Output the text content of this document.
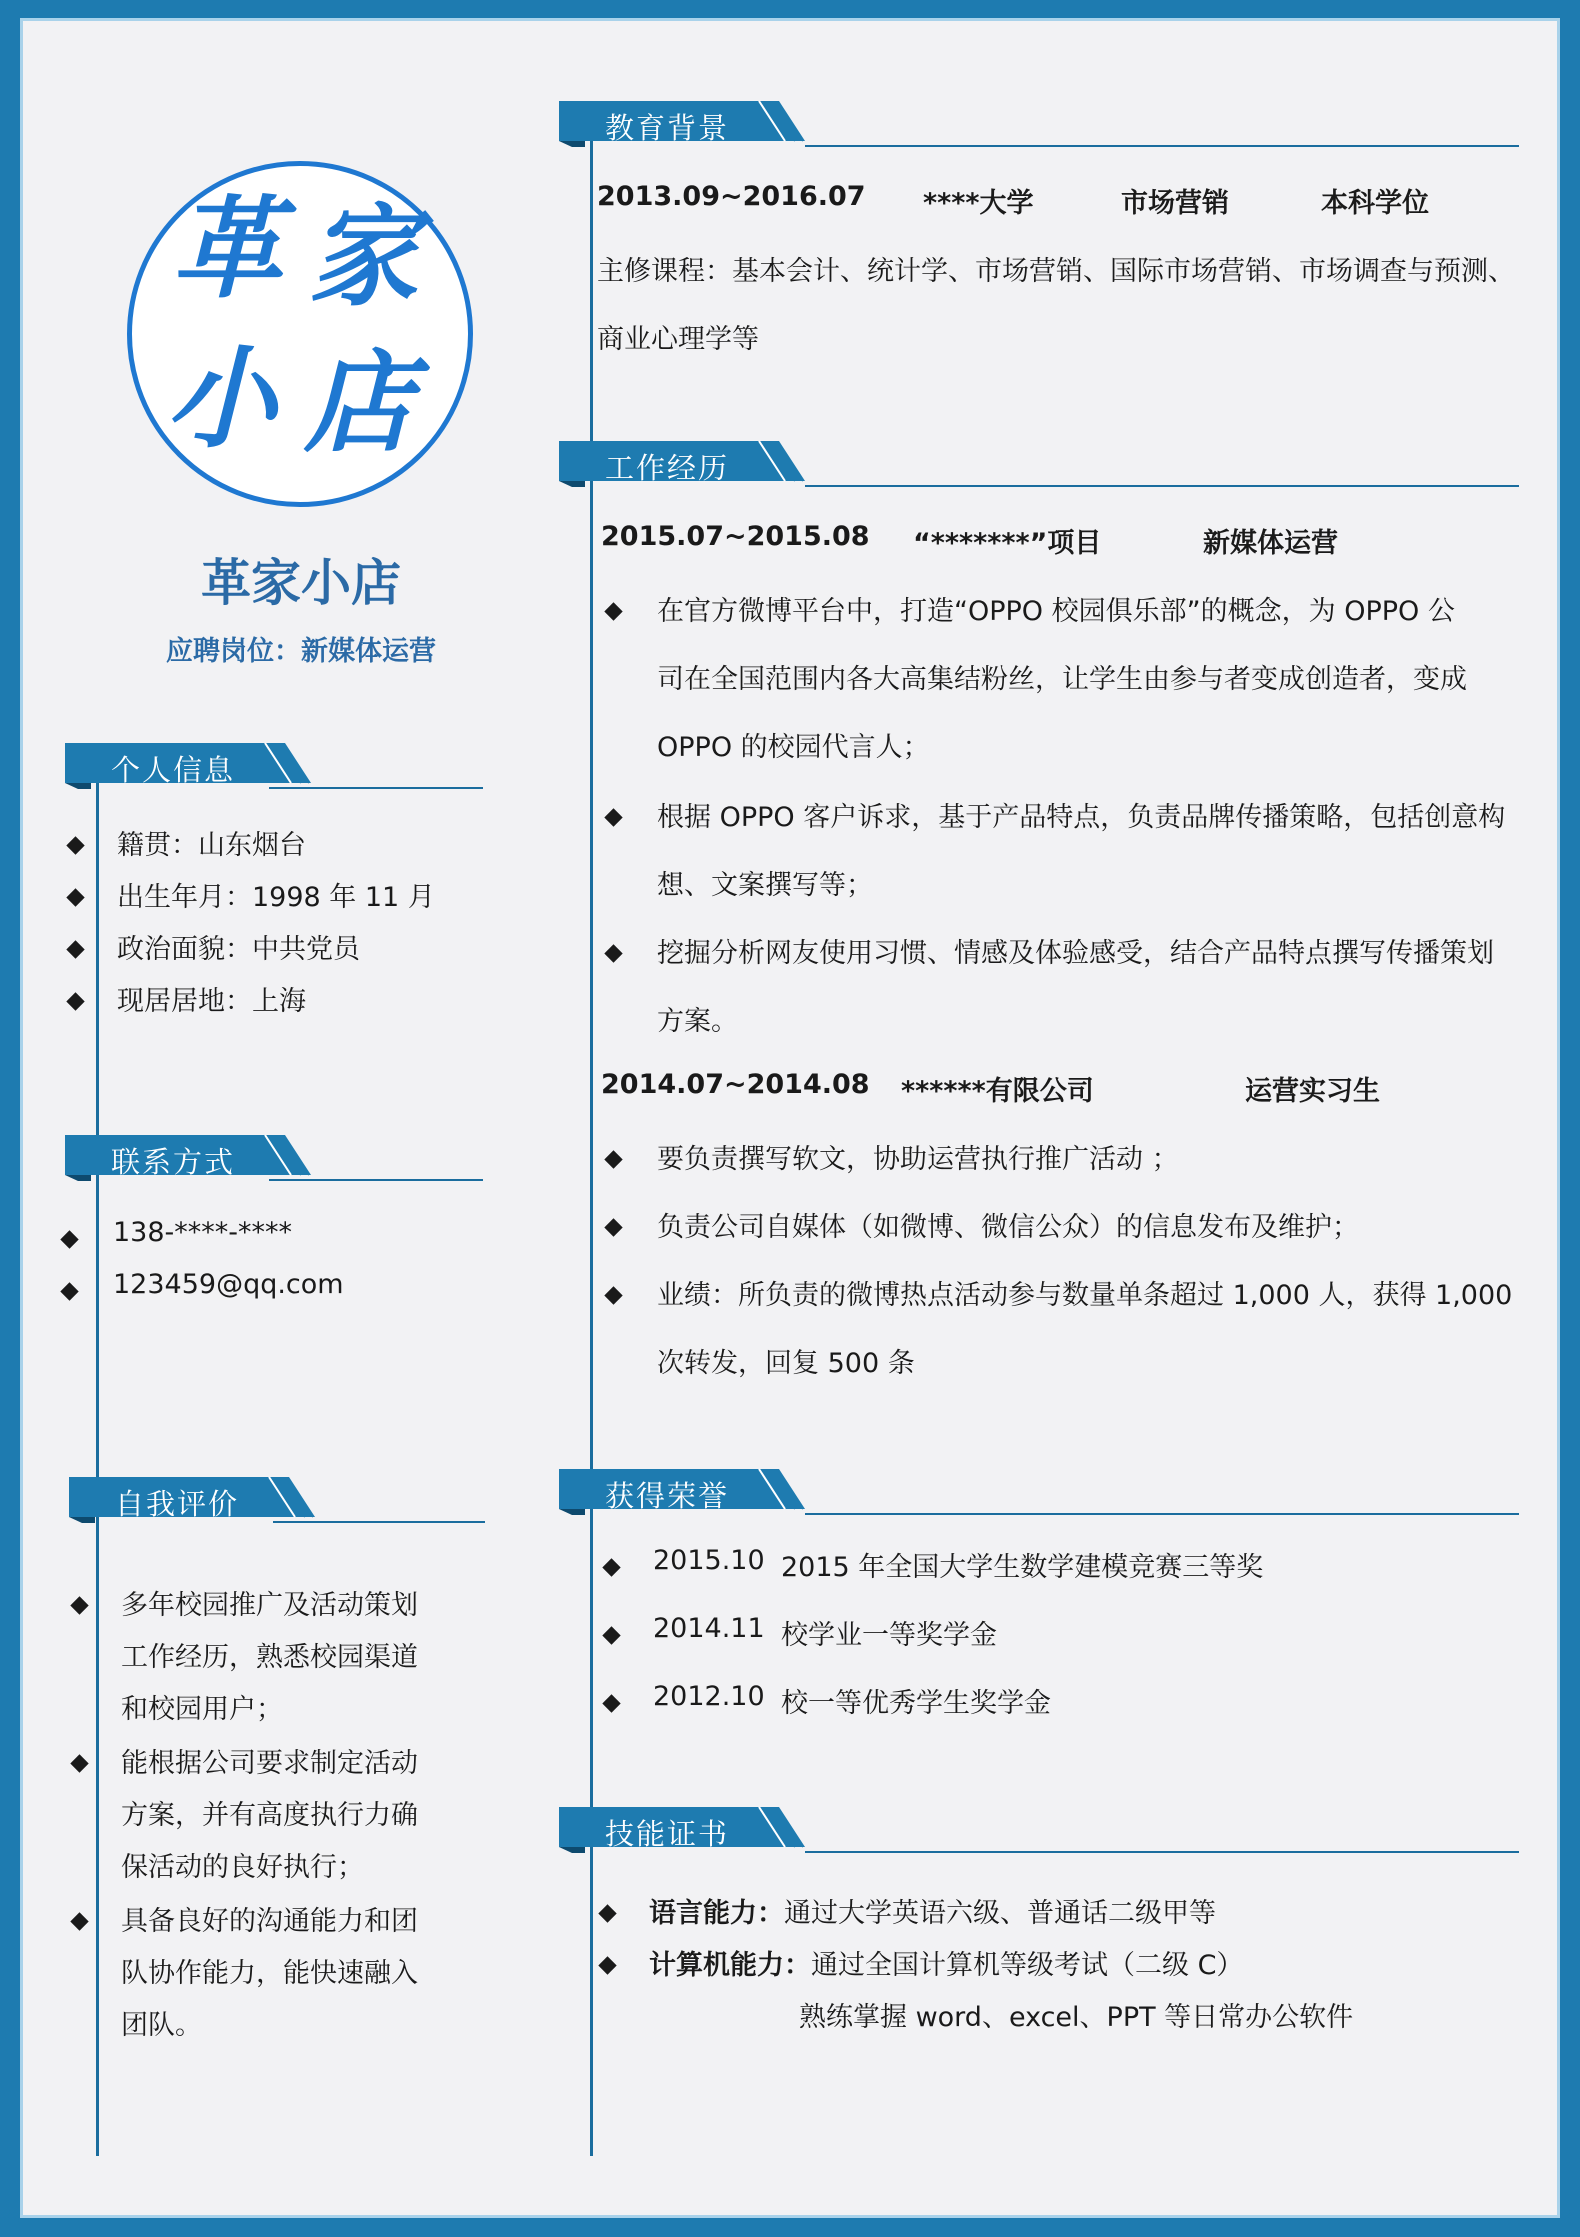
革 家
小 店
革家小店
应聘岗位：新媒体运营
个人信息
籍贯：山东烟台
出生年月：1998 年 11 月
政治面貌：中共党员
现居居地：上海
联系方式
138-****-****
123459@qq.com
自我评价
多年校园推广及活动策划
工作经历，熟悉校园渠道
和校园用户；
能根据公司要求制定活动
方案，并有高度执行力确
保活动的良好执行；
具备良好的沟通能力和团
队协作能力，能快速融入
团队。
教育背景
2013.09~2016.07 ****大学	市场营销	本科学位
主修课程：基本会计、统计学、市场营销、国际市场营销、市场调查与预测、
商业心理学等
工作经历
2015.07~2015.08 “*******”项目	新媒体运营
在官方微博平台中，打造“OPPO 校园俱乐部”的概念，为 OPPO 公
司在全国范围内各大高集结粉丝，让学生由参与者变成创造者，变成
OPPO 的校园代言人；
根据 OPPO 客户诉求，基于产品特点，负责品牌传播策略，包括创意构
想、文案撰写等；
挖掘分析网友使用习惯、情感及体验感受，结合产品特点撰写传播策划
方案。
2014.07~2014.08 ******有限公司	运营实习生
要负责撰写软文，协助运营执行推广活动 ；
负责公司自媒体（如微博、微信公众）的信息发布及维护；
业绩：所负责的微博热点活动参与数量单条超过 1,000 人，获得 1,000
次转发，回复 500 条
获得荣誉
2015.10 2015 年全国大学生数学建模竞赛三等奖
2014.11 校学业一等奖学金
2012.10 校一等优秀学生奖学金
技能证书
语言能力：通过大学英语六级、普通话二级甲等
计算机能力：通过全国计算机等级考试（二级 C）
熟练掌握 word、excel、PPT 等日常办公软件
